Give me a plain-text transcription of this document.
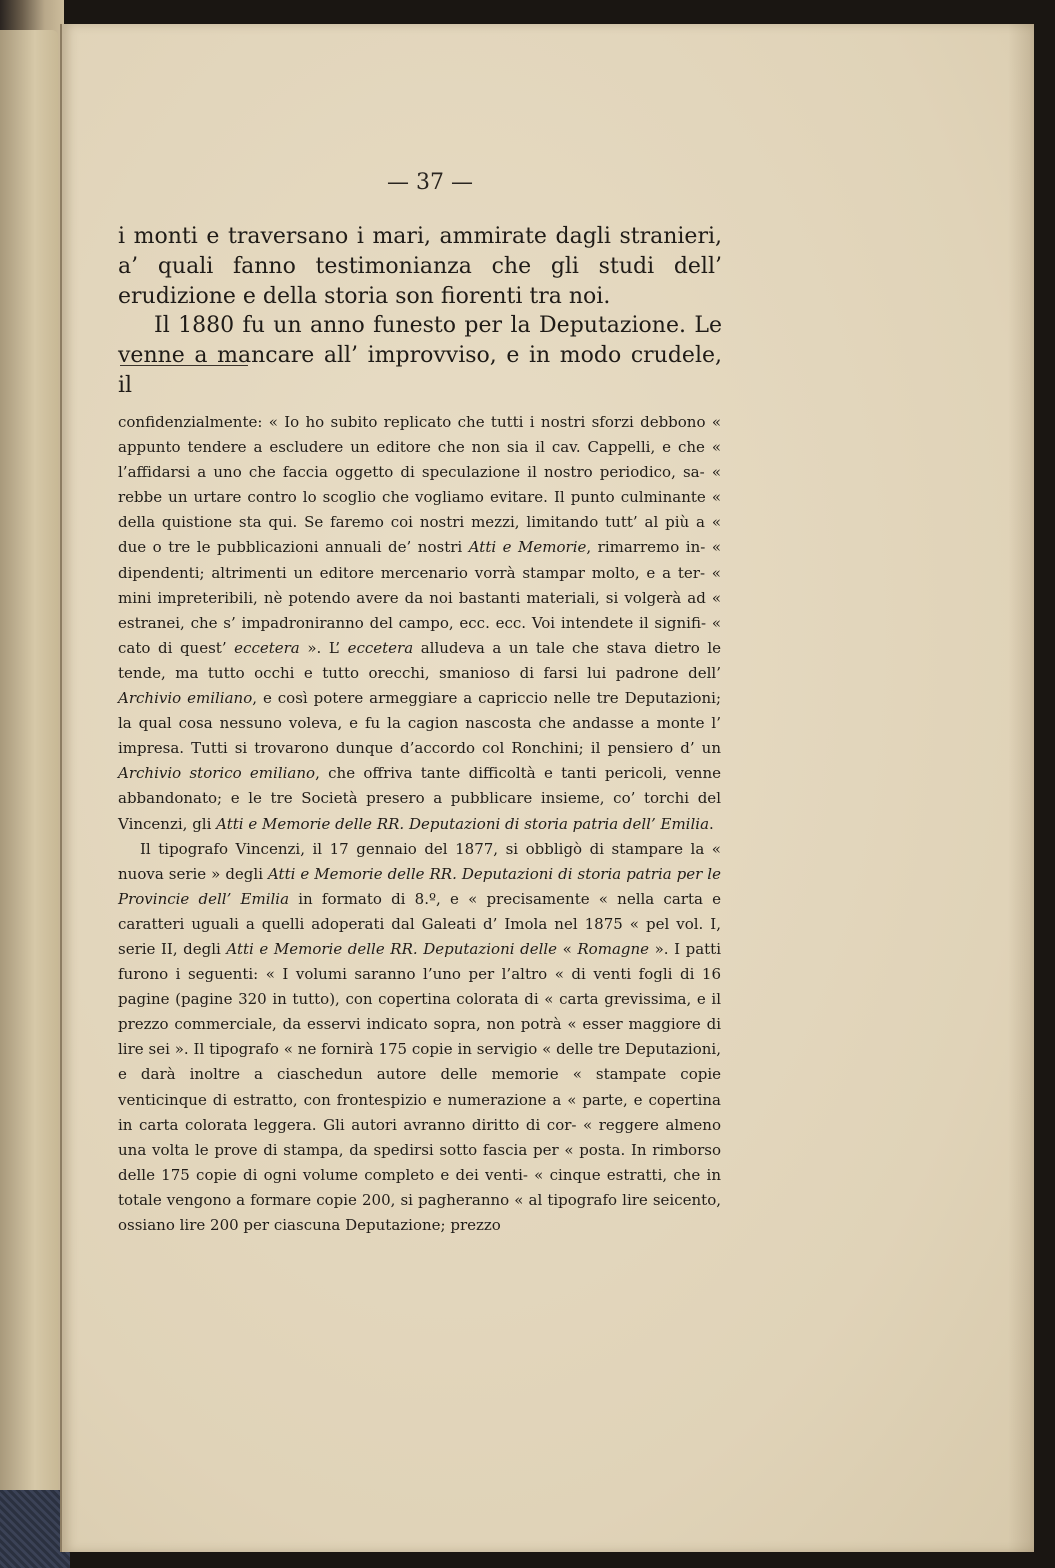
— 37 —

i monti e traversano i mari, ammirate dagli stranieri, a’ quali fanno testimonianza che gli studi dell’ erudizione e della storia son fiorenti tra noi.

Il 1880 fu un anno funesto per la Deputazione. Le venne a mancare all’ improvviso, e in modo crudele, il

confidenzialmente: « Io ho subito replicato che tutti i nostri sforzi debbono « appunto tendere a escludere un editore che non sia il cav. Cappelli, e che « l’affidarsi a uno che faccia oggetto di speculazione il nostro periodico, sa- « rebbe un urtare contro lo scoglio che vogliamo evitare. Il punto culminante « della quistione sta qui. Se faremo coi nostri mezzi, limitando tutt’ al più a « due o tre le pubblicazioni annuali de’ nostri Atti e Memorie, rimarremo in- « dipendenti; altrimenti un editore mercenario vorrà stampar molto, e a ter- « mini impreteribili, nè potendo avere da noi bastanti materiali, si volgerà ad « estranei, che s’ impadroniranno del campo, ecc. ecc. Voi intendete il signifi- « cato di quest’ eccetera ». L’ eccetera alludeva a un tale che stava dietro le tende, ma tutto occhi e tutto orecchi, smanioso di farsi lui padrone dell’ Archivio emiliano, e così potere armeggiare a capriccio nelle tre Deputazioni; la qual cosa nessuno voleva, e fu la cagion nascosta che andasse a monte l’ impresa. Tutti si trovarono dunque d’accordo col Ronchini; il pensiero d’ un Archivio storico emiliano, che offriva tante difficoltà e tanti pericoli, venne abbandonato; e le tre Società presero a pubblicare insieme, co’ torchi del Vincenzi, gli Atti e Memorie delle RR. Deputazioni di storia patria dell’ Emilia.

Il tipografo Vincenzi, il 17 gennaio del 1877, si obbligò di stampare la « nuova serie » degli Atti e Memorie delle RR. Deputazioni di storia patria per le Provincie dell’ Emilia in formato di 8.º, e « precisamente « nella carta e caratteri uguali a quelli adoperati dal Galeati d’ Imola nel 1875 « pel vol. I, serie II, degli Atti e Memorie delle RR. Deputazioni delle « Romagne ». I patti furono i seguenti: « I volumi saranno l’uno per l’altro « di venti fogli di 16 pagine (pagine 320 in tutto), con copertina colorata di « carta grevissima, e il prezzo commerciale, da esservi indicato sopra, non potrà « esser maggiore di lire sei ». Il tipografo « ne fornirà 175 copie in servigio « delle tre Deputazioni, e darà inoltre a ciaschedun autore delle memorie « stampate copie venticinque di estratto, con frontespizio e numerazione a « parte, e copertina in carta colorata leggera. Gli autori avranno diritto di cor- « reggere almeno una volta le prove di stampa, da spedirsi sotto fascia per « posta. In rimborso delle 175 copie di ogni volume completo e dei venti- « cinque estratti, che in totale vengono a formare copie 200, si pagheranno « al tipografo lire seicento, ossiano lire 200 per ciascuna Deputazione; prezzo
